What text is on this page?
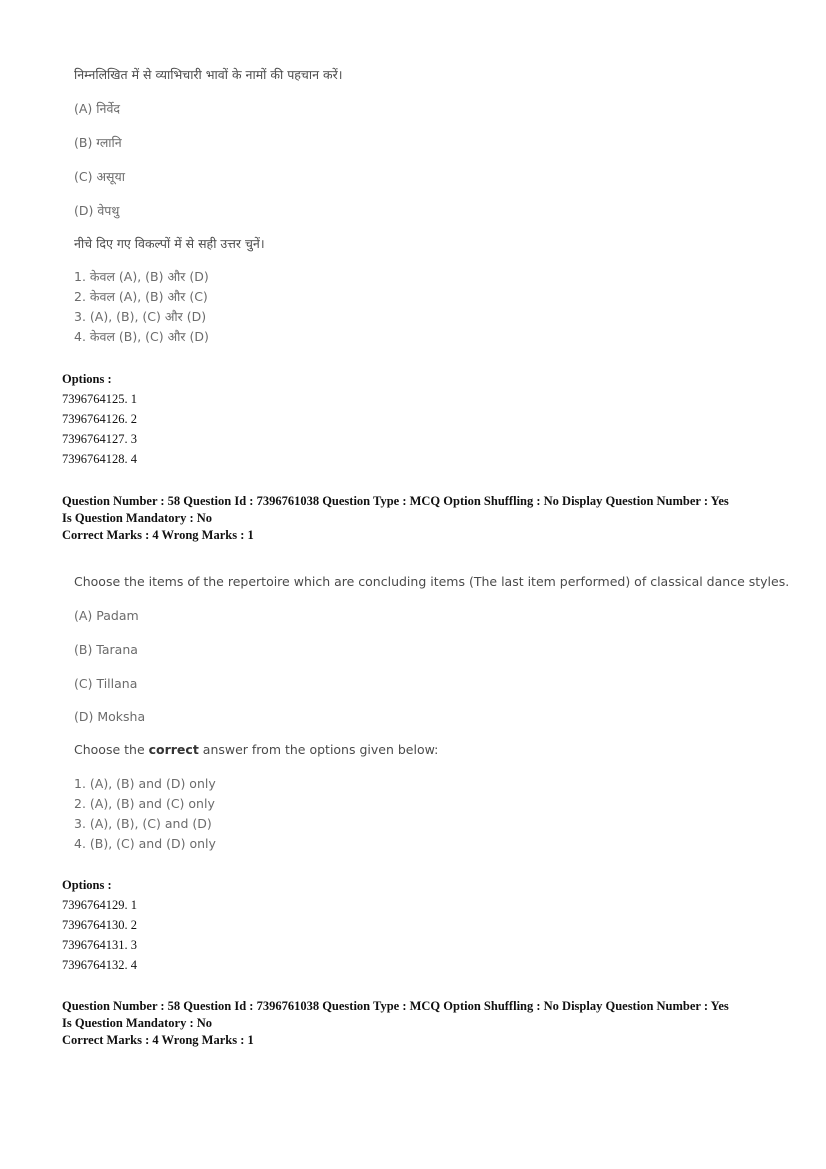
निम्नलिखित में से व्याभिचारी भावों के नामों की पहचान करें।
(A) निर्वेद
(B) ग्लानि
(C) असूया
(D) वेपथु
नीचे दिए गए विकल्पों में से सही उत्तर चुनें।
1. केवल (A), (B) और (D)
2. केवल (A), (B) और (C)
3. (A), (B), (C) और (D)
4. केवल (B), (C) और (D)
Options :
7396764125. 1
7396764126. 2
7396764127. 3
7396764128. 4
Question Number : 58 Question Id : 7396761038 Question Type : MCQ Option Shuffling : No Display Question Number : Yes
Is Question Mandatory : No
Correct Marks : 4 Wrong Marks : 1
Choose the items of the repertoire which are concluding items (The last item performed) of classical dance styles.
(A) Padam
(B) Tarana
(C) Tillana
(D) Moksha
Choose the correct answer from the options given below:
1. (A), (B) and (D) only
2. (A), (B) and (C) only
3. (A), (B), (C) and (D)
4. (B), (C) and (D) only
Options :
7396764129. 1
7396764130. 2
7396764131. 3
7396764132. 4
Question Number : 58 Question Id : 7396761038 Question Type : MCQ Option Shuffling : No Display Question Number : Yes
Is Question Mandatory : No
Correct Marks : 4 Wrong Marks : 1
